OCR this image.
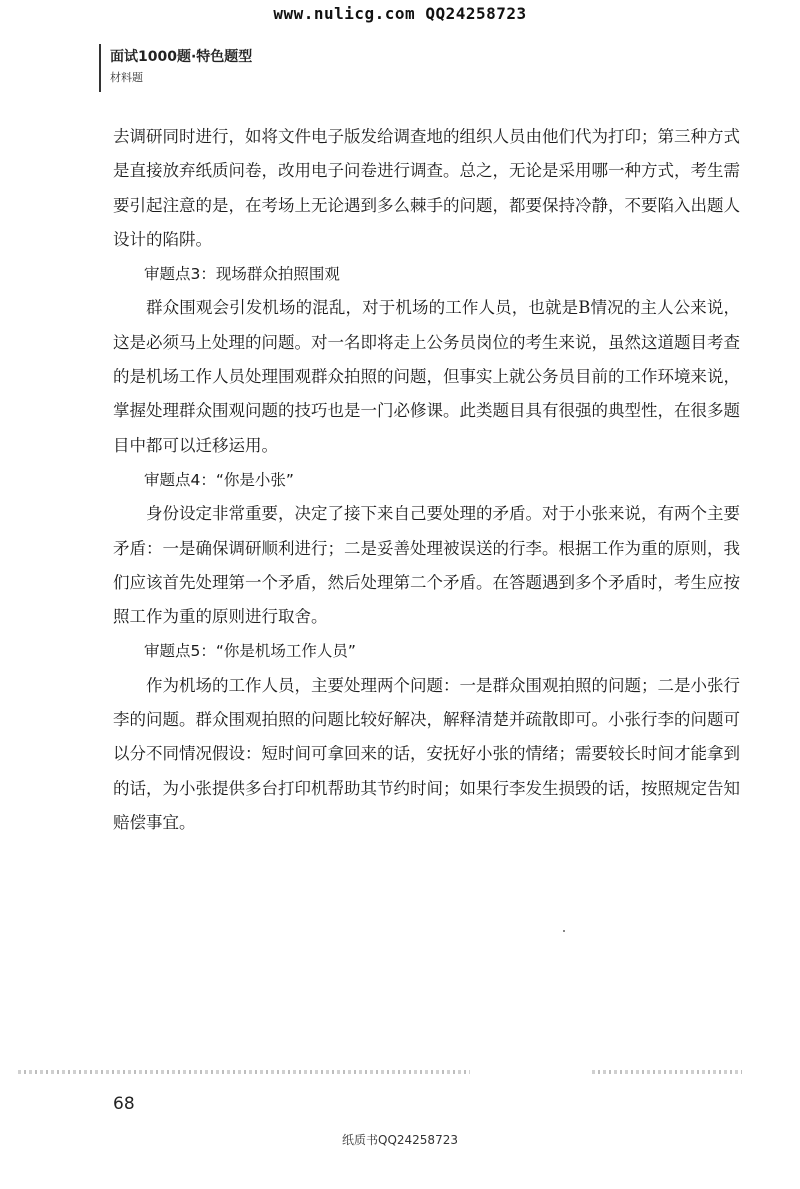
www.nulicg.com QQ24258723
面试1000题·特色题型
材料题

去调研同时进行，如将文件电子版发给调查地的组织人员由他们代为打印；第三种方式是直接放弃纸质问卷，改用电子问卷进行调查。总之，无论是采用哪一种方式，考生需要引起注意的是，在考场上无论遇到多么棘手的问题，都要保持冷静，不要陷入出题人设计的陷阱。

审题点3：现场群众拍照围观

群众围观会引发机场的混乱，对于机场的工作人员，也就是B情况的主人公来说，这是必须马上处理的问题。对一名即将走上公务员岗位的考生来说，虽然这道题目考查的是机场工作人员处理围观群众拍照的问题，但事实上就公务员目前的工作环境来说，掌握处理群众围观问题的技巧也是一门必修课。此类题目具有很强的典型性，在很多题目中都可以迁移运用。

审题点4：“你是小张”

身份设定非常重要，决定了接下来自己要处理的矛盾。对于小张来说，有两个主要矛盾：一是确保调研顺利进行；二是妥善处理被误送的行李。根据工作为重的原则，我们应该首先处理第一个矛盾，然后处理第二个矛盾。在答题遇到多个矛盾时，考生应按照工作为重的原则进行取舍。

审题点5：“你是机场工作人员”

作为机场的工作人员，主要处理两个问题：一是群众围观拍照的问题；二是小张行李的问题。群众围观拍照的问题比较好解决，解释清楚并疏散即可。小张行李的问题可以分不同情况假设：短时间可拿回来的话，安抚好小张的情绪；需要较长时间才能拿到的话，为小张提供多台打印机帮助其节约时间；如果行李发生损毁的话，按照规定告知赔偿事宜。

68
纸质书QQ24258723
